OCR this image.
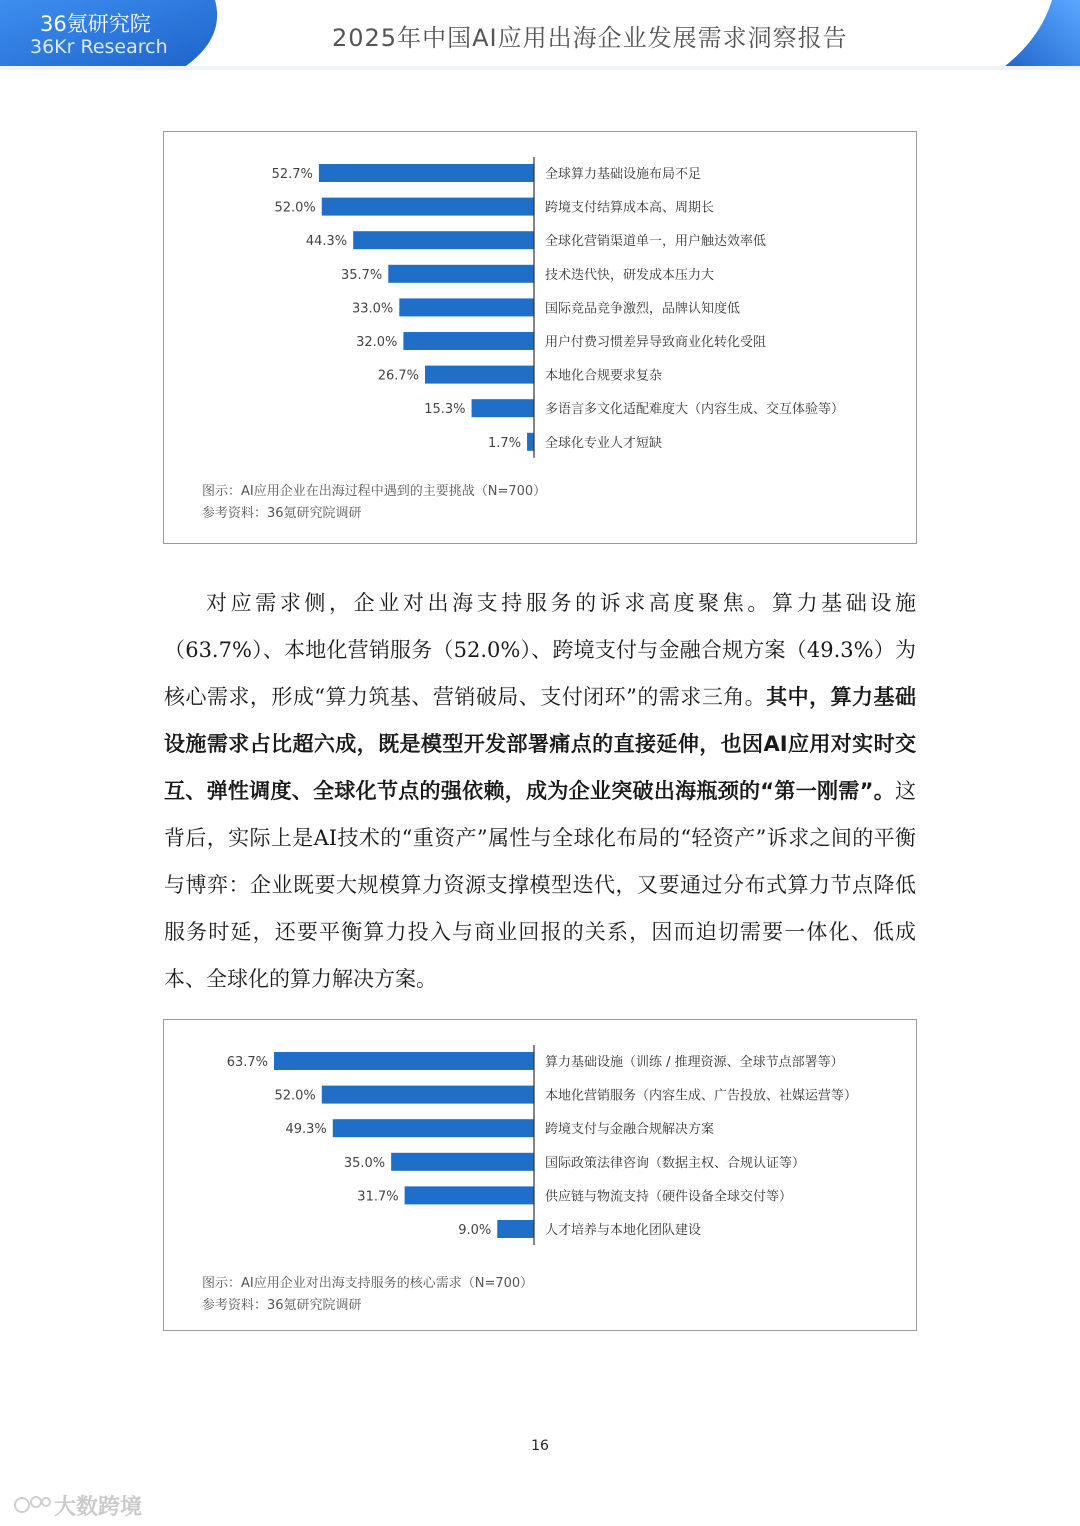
36氪研究院
36Kr Research	2025年中国AI应用出海企业发展需求洞察报告
52.7%	全球算力基础设施布局不足
52.0%	跨境支付结算成本高、周期长
44.3%	全球化营销渠道单一，用户触达效率低
35.7%	技术迭代快，研发成本压力大
33.0%	国际竞品竞争激烈，品牌认知度低
32.0%	用户付费习惯差异导致商业化转化受阻
26.7%	本地化合规要求复杂
15.3%	多语言多文化适配难度大（内容生成、交互体验等）
1.7% 全球化专业人才短缺
图示：AI应用企业在出海过程中遇到的主要挑战（N=700）
参考资料：36氪研究院调研

对应需求侧，企业对出海支持服务的诉求高度聚焦。算力基础设施（63.7%）、本地化营销服务（52.0%）、跨境支付与金融合规方案（49.3%）为核心需求，形成“算力筑基、营销破局、支付闭环”的需求三角。其中，算力基础设施需求占比超六成，既是模型开发部署痛点的直接延伸，也因AI应用对实时交互、弹性调度、全球化节点的强依赖，成为企业突破出海瓶颈的“第一刚需”。这背后，实际上是AI技术的“重资产”属性与全球化布局的“轻资产”诉求之间的平衡与博弈：企业既要大规模算力资源支撑模型迭代，又要通过分布式算力节点降低服务时延，还要平衡算力投入与商业回报的关系，因而迫切需要一体化、低成本、全球化的算力解决方案。

63.7%	算力基础设施（训练 / 推理资源、全球节点部署等）
52.0%	本地化营销服务（内容生成、广告投放、社媒运营等）
49.3%	跨境支付与金融合规解决方案
35.0%	国际政策法律咨询（数据主权、合规认证等）
31.7%	供应链与物流支持（硬件设备全球交付等）
9.0%	人才培养与本地化团队建设
图示：AI应用企业对出海支持服务的核心需求（N=700）
参考资料：36氪研究院调研
16
大数跨境
